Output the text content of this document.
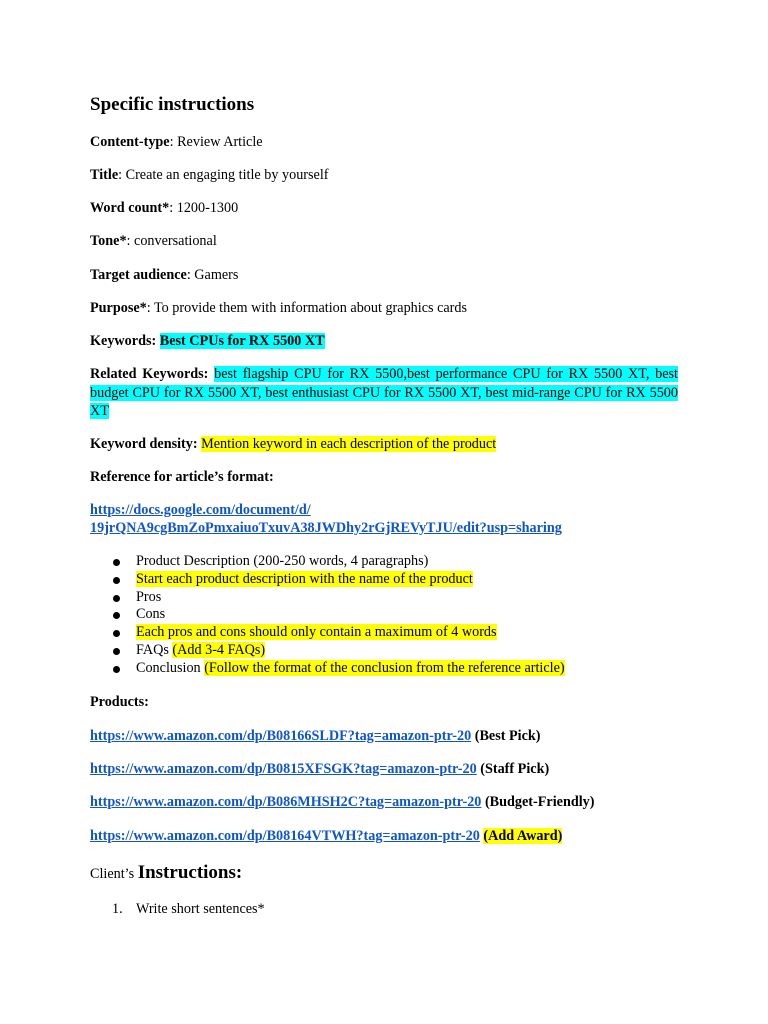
Specific instructions

Content-type: Review Article

Title: Create an engaging title by yourself

Word count*: 1200-1300

Tone*: conversational

Target audience: Gamers

Purpose*: To provide them with information about graphics cards

Keywords: Best CPUs for RX 5500 XT

Related Keywords: best flagship CPU for RX 5500,best performance CPU for RX 5500 XT, best budget CPU for RX 5500 XT, best enthusiast CPU for RX 5500 XT, best mid-range CPU for RX 5500 XT

Keyword density: Mention keyword in each description of the product

Reference for article’s format:

https://docs.google.com/document/d/
19jrQNA9cgBmZoPmxaiuoTxuvA38JWDhy2rGjREVyTJU/edit?usp=sharing

Product Description (200-250 words, 4 paragraphs)
Start each product description with the name of the product
Pros
Cons
Each pros and cons should only contain a maximum of 4 words
FAQs (Add 3-4 FAQs)
Conclusion (Follow the format of the conclusion from the reference article)

Products:

https://www.amazon.com/dp/B08166SLDF?tag=amazon-ptr-20 (Best Pick)

https://www.amazon.com/dp/B0815XFSGK?tag=amazon-ptr-20 (Staff Pick)

https://www.amazon.com/dp/B086MHSH2C?tag=amazon-ptr-20 (Budget-Friendly)

https://www.amazon.com/dp/B08164VTWH?tag=amazon-ptr-20 (Add Award)

Client’s Instructions:

1. Write short sentences*
